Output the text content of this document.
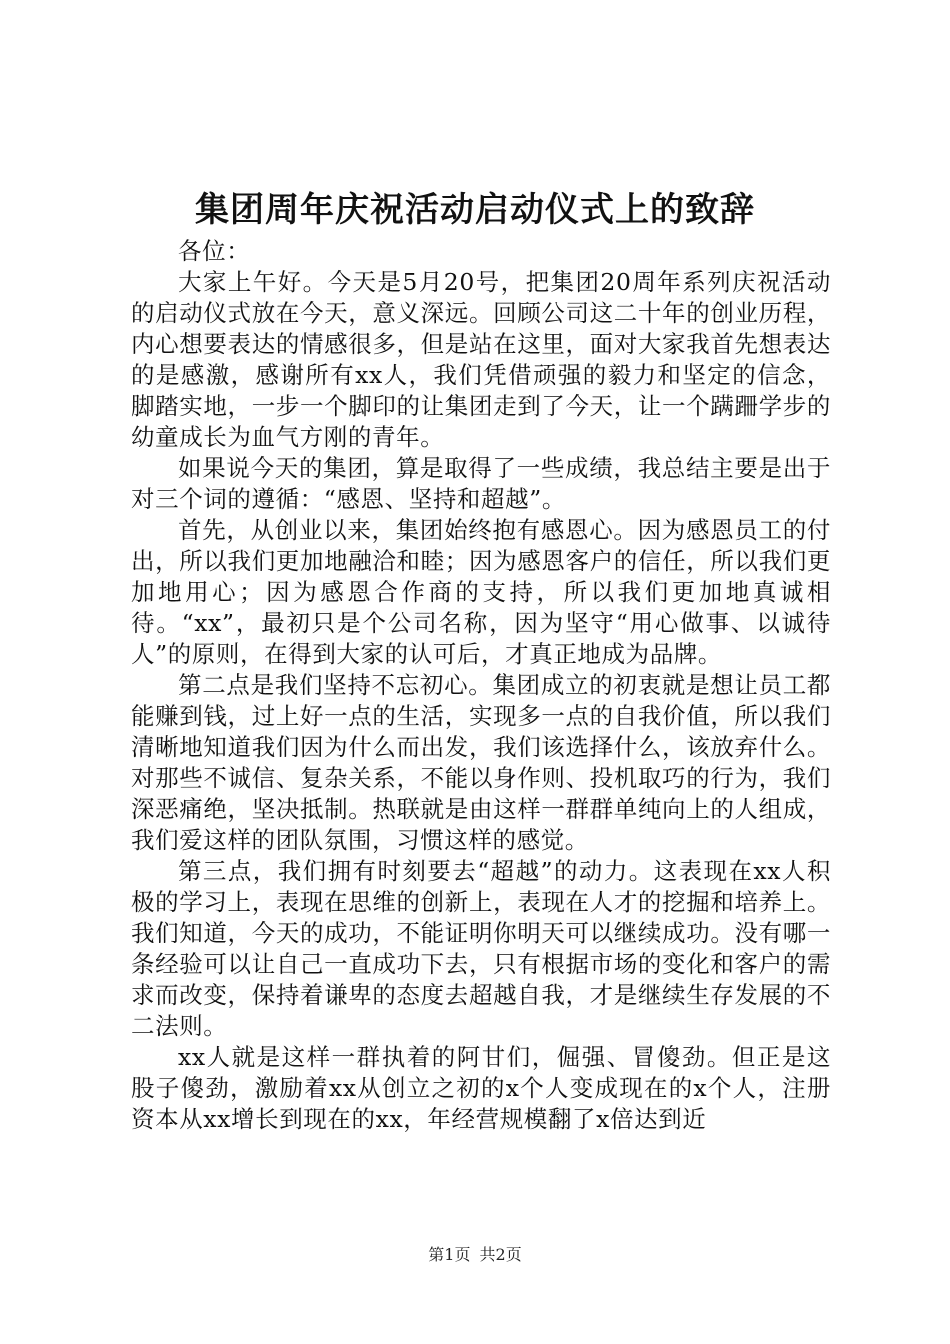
集团周年庆祝活动启动仪式上的致辞

各位：

大家上午好。今天是5月20号，把集团20周年系列庆祝活动的启动仪式放在今天，意义深远。回顾公司这二十年的创业历程，内心想要表达的情感很多，但是站在这里，面对大家我首先想表达的是感激，感谢所有xx人，我们凭借顽强的毅力和坚定的信念，脚踏实地，一步一个脚印的让集团走到了今天，让一个蹒跚学步的幼童成长为血气方刚的青年。

如果说今天的集团，算是取得了一些成绩，我总结主要是出于对三个词的遵循：“感恩、坚持和超越”。

首先，从创业以来，集团始终抱有感恩心。因为感恩员工的付出，所以我们更加地融洽和睦；因为感恩客户的信任，所以我们更加地用心；因为感恩合作商的支持，所以我们更加地真诚相待。“xx”，最初只是个公司名称，因为坚守“用心做事、以诚待人”的原则，在得到大家的认可后，才真正地成为品牌。

第二点是我们坚持不忘初心。集团成立的初衷就是想让员工都能赚到钱，过上好一点的生活，实现多一点的自我价值，所以我们清晰地知道我们因为什么而出发，我们该选择什么，该放弃什么。对那些不诚信、复杂关系，不能以身作则、投机取巧的行为，我们深恶痛绝，坚决抵制。热联就是由这样一群群单纯向上的人组成，我们爱这样的团队氛围，习惯这样的感觉。

第三点，我们拥有时刻要去“超越”的动力。这表现在xx人积极的学习上，表现在思维的创新上，表现在人才的挖掘和培养上。我们知道，今天的成功，不能证明你明天可以继续成功。没有哪一条经验可以让自己一直成功下去，只有根据市场的变化和客户的需求而改变，保持着谦卑的态度去超越自我，才是继续生存发展的不二法则。

xx人就是这样一群执着的阿甘们，倔强、冒傻劲。但正是这股子傻劲，激励着xx从创立之初的x个人变成现在的x个人，注册资本从xx增长到现在的xx，年经营规模翻了x倍达到近

第1页 共2页
